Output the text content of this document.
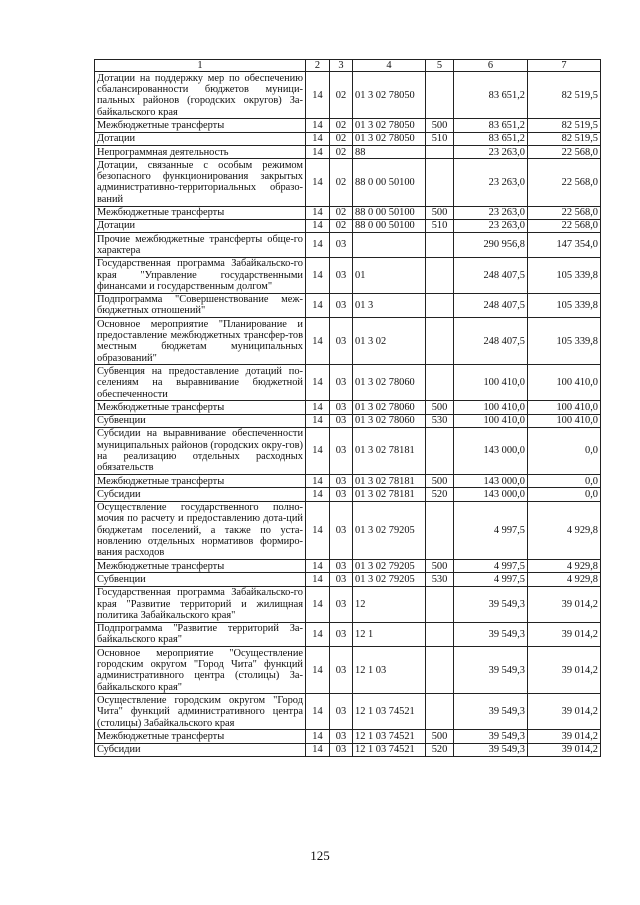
1	2	3	4	5	6	7
Дотации на поддержку мер по обеспечению сбалансированности бюджетов муници-пальных районов (городских округов) За-байкальского края	14	02	01 3 02 78050		83 651,2	82 519,5
Межбюджетные трансферты	14	02	01 3 02 78050	500	83 651,2	82 519,5
Дотации	14	02	01 3 02 78050	510	83 651,2	82 519,5
Непрограммная деятельность	14	02	88		23 263,0	22 568,0
Дотации, связанные с особым режимом безопасного функционирования закрытых административно-территориальных образо-ваний	14	02	88 0 00 50100		23 263,0	22 568,0
Межбюджетные трансферты	14	02	88 0 00 50100	500	23 263,0	22 568,0
Дотации	14	02	88 0 00 50100	510	23 263,0	22 568,0
Прочие межбюджетные трансферты обще-го характера	14	03			290 956,8	147 354,0
Государственная программа Забайкальско-го края "Управление государственными финансами и государственным долгом"	14	03	01		248 407,5	105 339,8
Подпрограмма "Совершенствование меж-бюджетных отношений"	14	03	01 3		248 407,5	105 339,8
Основное мероприятие "Планирование и предоставление межбюджетных трансфер-тов местным бюджетам муниципальных образований"	14	03	01 3 02		248 407,5	105 339,8
Субвенция на предоставление дотаций по-селениям на выравнивание бюджетной обеспеченности	14	03	01 3 02 78060		100 410,0	100 410,0
Межбюджетные трансферты	14	03	01 3 02 78060	500	100 410,0	100 410,0
Субвенции	14	03	01 3 02 78060	530	100 410,0	100 410,0
Субсидии на выравнивание обеспеченности муниципальных районов (городских окру-гов) на реализацию отдельных расходных обязательств	14	03	01 3 02 78181		143 000,0	0,0
Межбюджетные трансферты	14	03	01 3 02 78181	500	143 000,0	0,0
Субсидии	14	03	01 3 02 78181	520	143 000,0	0,0
Осуществление государственного полно-мочия по расчету и предоставлению дота-ций бюджетам поселений, а также по уста-новлению отдельных нормативов формиро-вания расходов	14	03	01 3 02 79205		4 997,5	4 929,8
Межбюджетные трансферты	14	03	01 3 02 79205	500	4 997,5	4 929,8
Субвенции	14	03	01 3 02 79205	530	4 997,5	4 929,8
Государственная программа Забайкальско-го края "Развитие территорий и жилищная политика Забайкальского края"	14	03	12		39 549,3	39 014,2
Подпрограмма "Развитие территорий За-байкальского края"	14	03	12 1		39 549,3	39 014,2
Основное мероприятие "Осуществление городским округом "Город Чита" функций административного центра (столицы) За-байкальского края"	14	03	12 1 03		39 549,3	39 014,2
Осуществление городским округом "Город Чита" функций административного центра (столицы) Забайкальского края	14	03	12 1 03 74521		39 549,3	39 014,2
Межбюджетные трансферты	14	03	12 1 03 74521	500	39 549,3	39 014,2
Субсидии	14	03	12 1 03 74521	520	39 549,3	39 014,2
125
